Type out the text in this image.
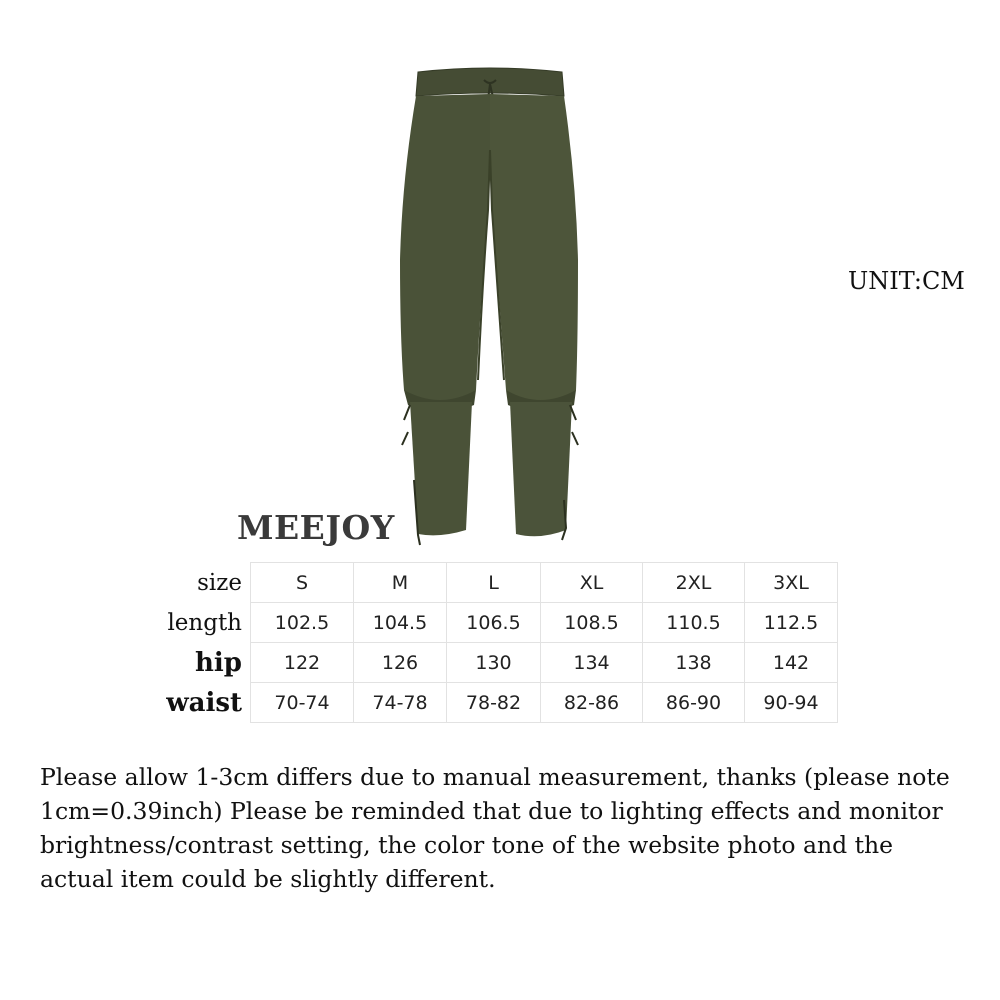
UNIT:CM
MEEJOY
size	S	M	L	XL	2XL	3XL
length	102.5	104.5	106.5	108.5	110.5	112.5
hip	122	126	130	134	138	142
waist	70-74	74-78	78-82	82-86	86-90	90-94

Please allow 1-3cm differs due to manual measurement, thanks (please note 1cm=0.39inch) Please be reminded that due to lighting effects and monitor brightness/contrast setting, the color tone of the website photo and the actual item could be slightly different.
